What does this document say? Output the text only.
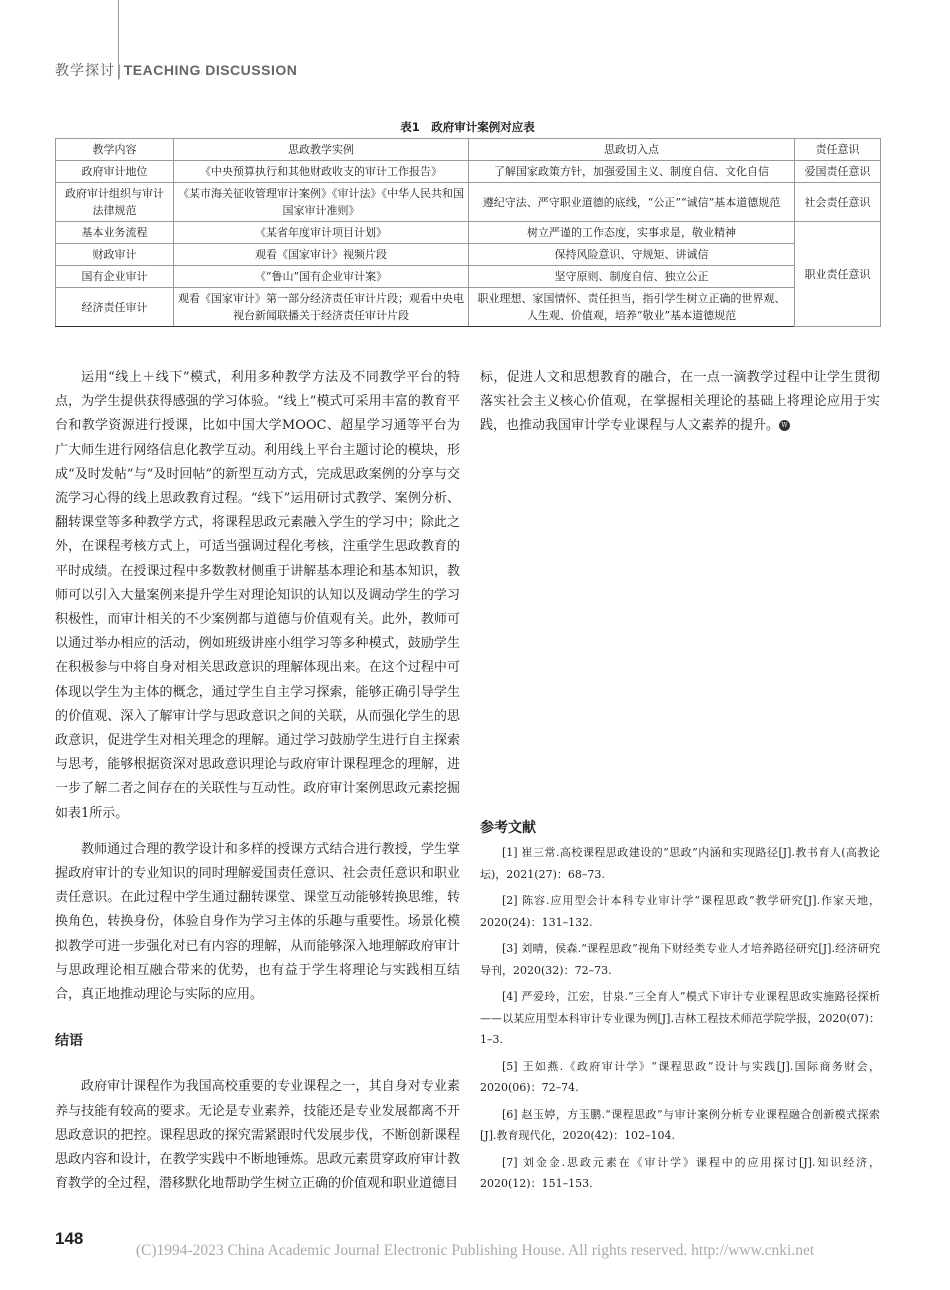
教学探讨 | TEACHING DISCUSSION
表1　政府审计案例对应表
教学内容	思政教学实例	思政切入点	责任意识
政府审计地位	《中央预算执行和其他财政收支的审计工作报告》	了解国家政策方针，加强爱国主义、制度自信、文化自信	爱国责任意识
政府审计组织与审计法律规范	《某市海关征收管理审计案例》《审计法》《中华人民共和国国家审计准则》	遵纪守法、严守职业道德的底线，“公正”“诚信”基本道德规范	社会责任意识
基本业务流程	《某省年度审计项目计划》	树立严谨的工作态度，实事求是，敬业精神	职业责任意识
财政审计	观看《国家审计》视频片段	保持风险意识、守规矩、讲诚信	
国有企业审计	《“鲁山”国有企业审计案》	坚守原则、制度自信、独立公正	
经济责任审计	观看《国家审计》第一部分经济责任审计片段；观看中央电视台新闻联播关于经济责任审计片段	职业理想、家国情怀、责任担当，指引学生树立正确的世界观、人生观、价值观，培养“敬业”基本道德规范	

运用“线上＋线下”模式，利用多种教学方法及不同教学平台的特点，为学生提供获得感强的学习体验。“线上”模式可采用丰富的教育平台和教学资源进行授课，比如中国大学MOOC、超星学习通等平台为广大师生进行网络信息化教学互动。利用线上平台主题讨论的模块，形成“及时发帖”与“及时回帖”的新型互动方式，完成思政案例的分享与交流学习心得的线上思政教育过程。“线下”运用研讨式教学、案例分析、翻转课堂等多种教学方式，将课程思政元素融入学生的学习中；除此之外，在课程考核方式上，可适当强调过程化考核，注重学生思政教育的平时成绩。在授课过程中多数教材侧重于讲解基本理论和基本知识，教师可以引入大量案例来提升学生对理论知识的认知以及调动学生的学习积极性，而审计相关的不少案例都与道德与价值观有关。此外，教师可以通过举办相应的活动，例如班级讲座小组学习等多种模式，鼓励学生在积极参与中将自身对相关思政意识的理解体现出来。在这个过程中可体现以学生为主体的概念，通过学生自主学习探索，能够正确引导学生的价值观、深入了解审计学与思政意识之间的关联，从而强化学生的思政意识，促进学生对相关理念的理解。通过学习鼓励学生进行自主探索与思考，能够根据资深对思政意识理论与政府审计课程理念的理解，进一步了解二者之间存在的关联性与互动性。政府审计案例思政元素挖掘如表1所示。

教师通过合理的教学设计和多样的授课方式结合进行教授，学生掌握政府审计的专业知识的同时理解爱国责任意识、社会责任意识和职业责任意识。在此过程中学生通过翻转课堂、课堂互动能够转换思维，转换角色，转换身份，体验自身作为学习主体的乐趣与重要性。场景化模拟教学可进一步强化对已有内容的理解，从而能够深入地理解政府审计与思政理论相互融合带来的优势，也有益于学生将理论与实践相互结合，真正地推动理论与实际的应用。

结语

政府审计课程作为我国高校重要的专业课程之一，其自身对专业素养与技能有较高的要求。无论是专业素养，技能还是专业发展都离不开思政意识的把控。课程思政的探究需紧跟时代发展步伐，不断创新课程思政内容和设计，在教学实践中不断地锤炼。思政元素贯穿政府审计教育教学的全过程，潜移默化地帮助学生树立正确的价值观和职业道德目

参考文献

[1] 崔三常.高校课程思政建设的“思政”内涵和实现路径[J].教书育人(高教论坛)，2021(27)：68–73.

[2] 陈容.应用型会计本科专业审计学“课程思政”教学研究[J].作家天地，2020(24)：131–132.

[3] 刘晴，侯森.“课程思政”视角下财经类专业人才培养路径研究[J].经济研究导刊，2020(32)：72–73.

[4] 严爱玲，江宏，甘泉.“三全育人”模式下审计专业课程思政实施路径探析——以某应用型本科审计专业课为例[J].吉林工程技术师范学院学报，2020(07)：1–3.

[5] 王如燕.《政府审计学》“课程思政”设计与实践[J].国际商务财会，2020(06)：72–74.

[6] 赵玉婷，方玉鹏.“课程思政”与审计案例分析专业课程融合创新模式探索[J].教育现代化，2020(42)：102–104.

[7] 刘金金.思政元素在《审计学》课程中的应用探讨[J].知识经济，2020(12)：151–153.

148
(C)1994-2023 China Academic Journal Electronic Publishing House. All rights reserved. http://www.cnki.net

标，促进人文和思想教育的融合，在一点一滴教学过程中让学生贯彻落实社会主义核心价值观，在掌握相关理论的基础上将理论应用于实践，也推动我国审计学专业课程与人文素养的提升。 W
